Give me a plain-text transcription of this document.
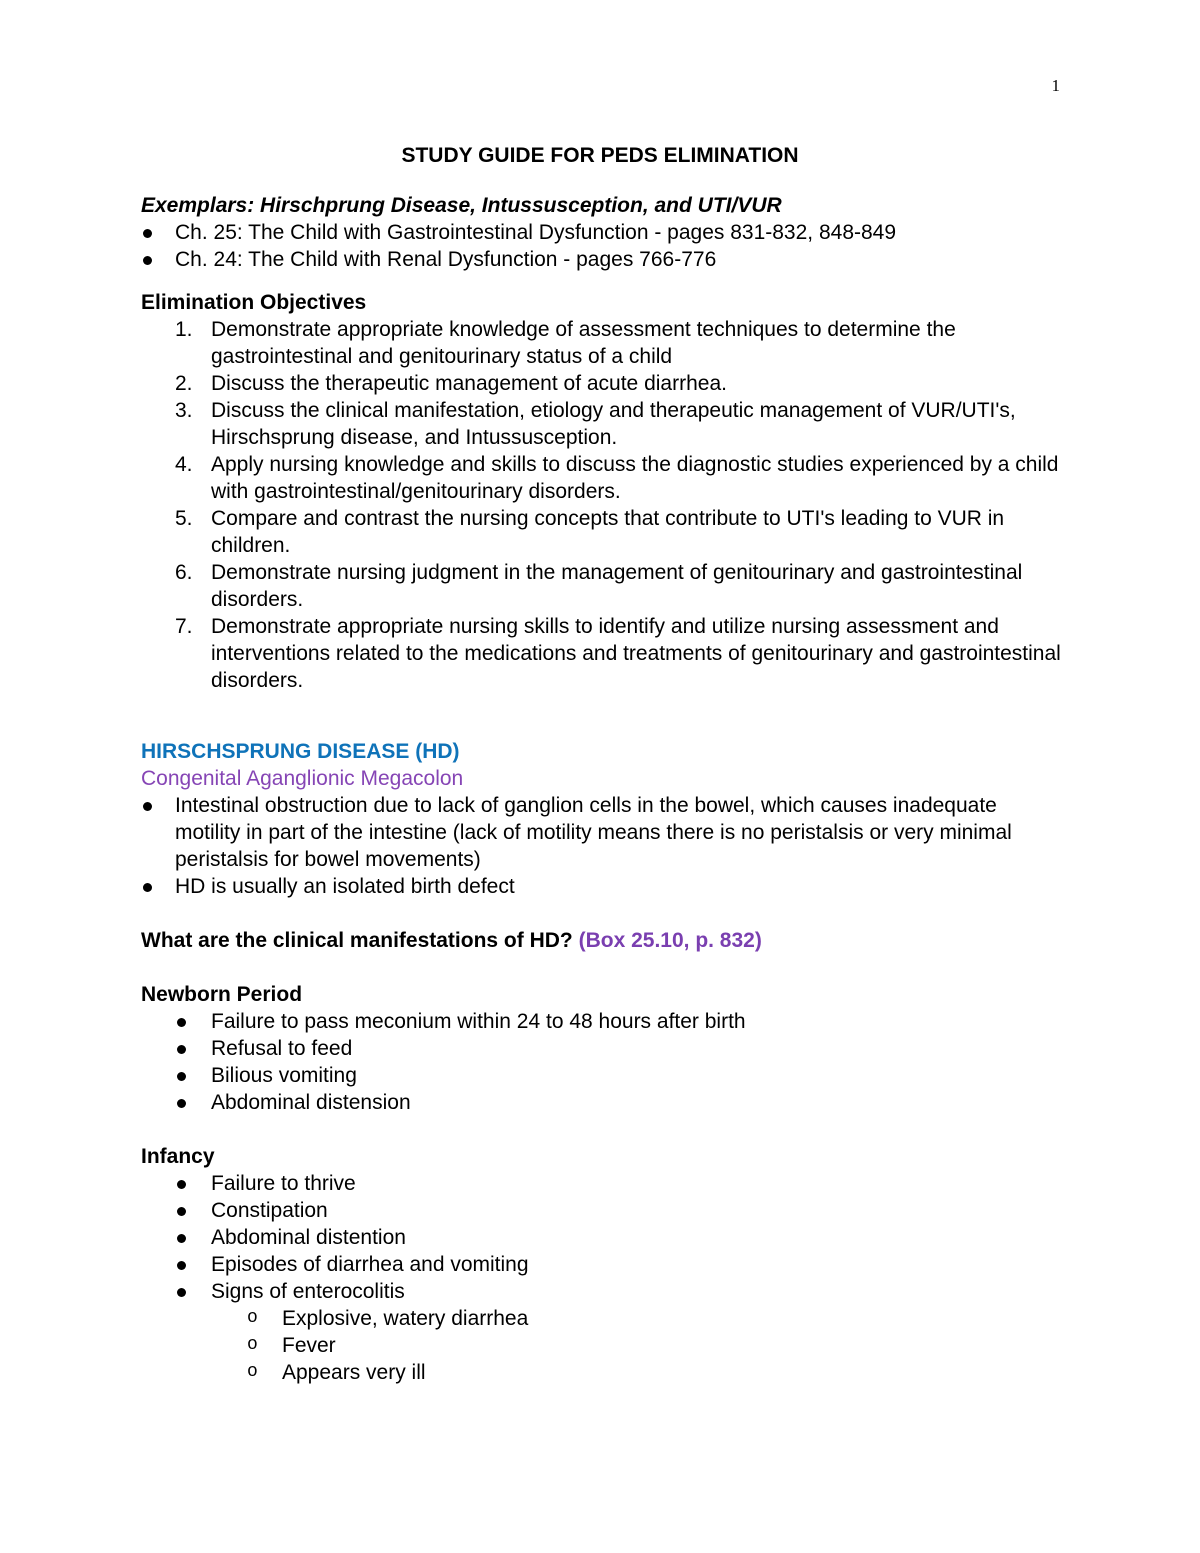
1
STUDY GUIDE FOR PEDS ELIMINATION
Exemplars: Hirschprung Disease, Intussusception, and UTI/VUR
Ch. 25: The Child with Gastrointestinal Dysfunction - pages 831-832, 848-849
Ch. 24: The Child with Renal Dysfunction - pages 766-776
Elimination Objectives
1. Demonstrate appropriate knowledge of assessment techniques to determine the gastrointestinal and genitourinary status of a child
2. Discuss the therapeutic management of acute diarrhea.
3. Discuss the clinical manifestation, etiology and therapeutic management of VUR/UTI's, Hirschsprung disease, and Intussusception.
4. Apply nursing knowledge and skills to discuss the diagnostic studies experienced by a child with gastrointestinal/genitourinary disorders.
5. Compare and contrast the nursing concepts that contribute to UTI's leading to VUR in children.
6. Demonstrate nursing judgment in the management of genitourinary and gastrointestinal disorders.
7. Demonstrate appropriate nursing skills to identify and utilize nursing assessment and interventions related to the medications and treatments of genitourinary and gastrointestinal disorders.
HIRSCHSPRUNG DISEASE (HD)
Congenital Aganglionic Megacolon
Intestinal obstruction due to lack of ganglion cells in the bowel, which causes inadequate motility in part of the intestine (lack of motility means there is no peristalsis or very minimal peristalsis for bowel movements)
HD is usually an isolated birth defect
What are the clinical manifestations of HD? (Box 25.10, p. 832)
Newborn Period
Failure to pass meconium within 24 to 48 hours after birth
Refusal to feed
Bilious vomiting
Abdominal distension
Infancy
Failure to thrive
Constipation
Abdominal distention
Episodes of diarrhea and vomiting
Signs of enterocolitis
o Explosive, watery diarrhea
o Fever
o Appears very ill
